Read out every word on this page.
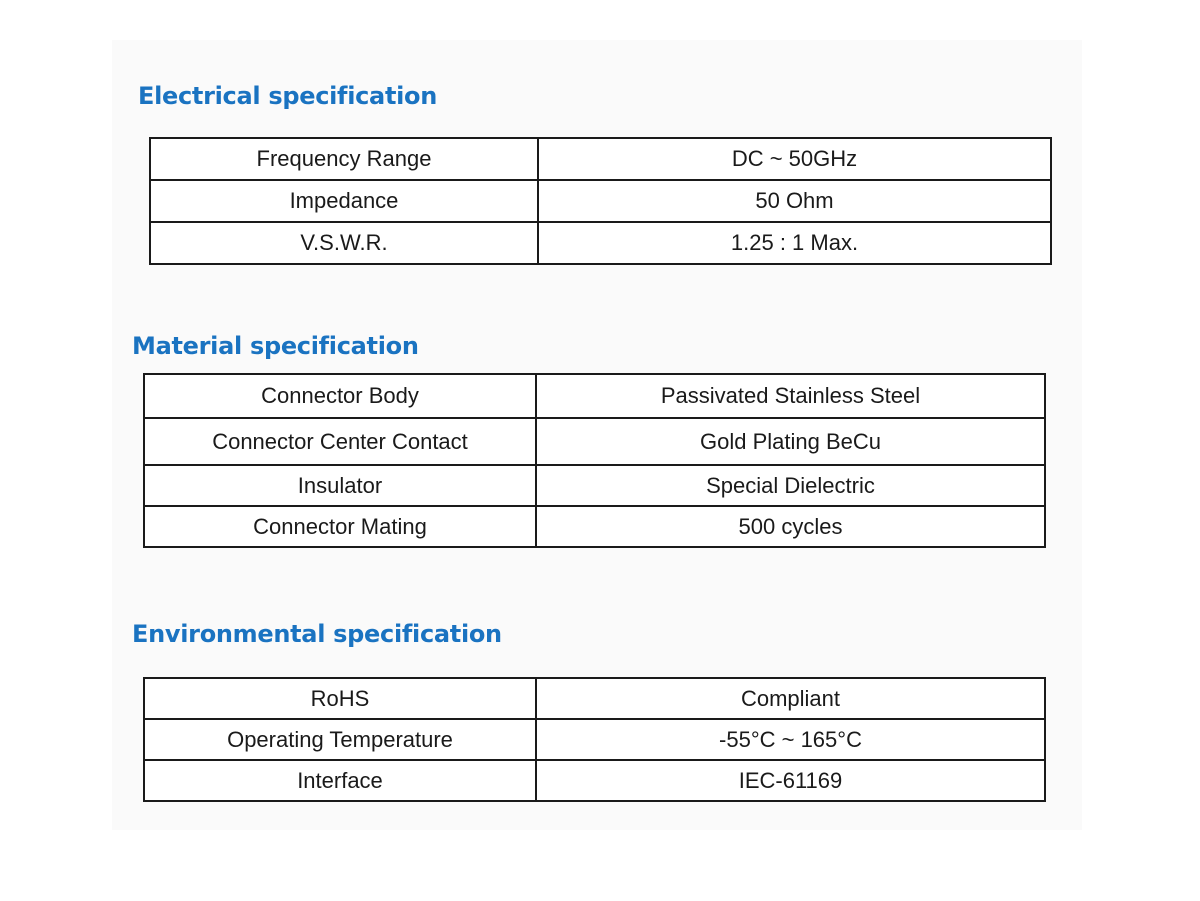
Electrical specification
Frequency Range	DC ~ 50GHz
Impedance	50 Ohm
V.S.W.R.	1.25 : 1 Max.
Material specification
Connector Body	Passivated Stainless Steel
Connector Center Contact	Gold Plating BeCu
Insulator	Special Dielectric
Connector Mating	500 cycles
Environmental specification
RoHS	Compliant
Operating Temperature	-55°C ~ 165°C
Interface	IEC-61169
